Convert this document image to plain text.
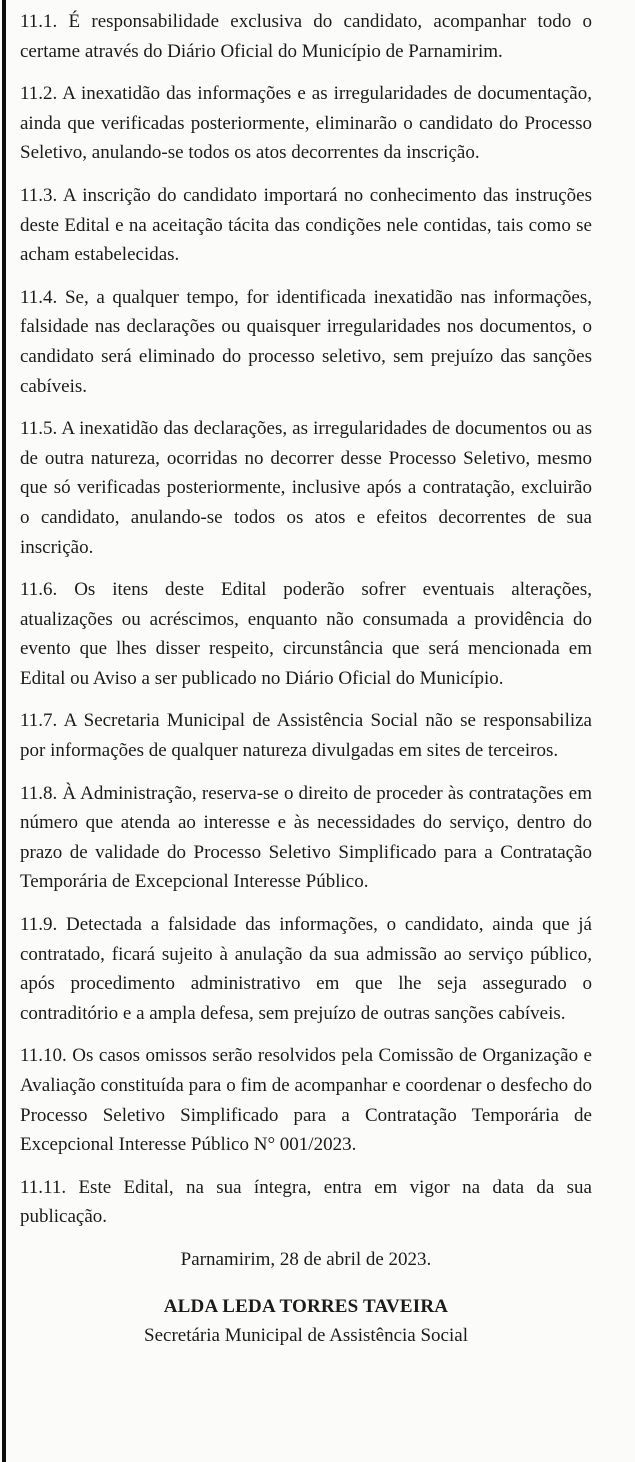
11.1. É responsabilidade exclusiva do candidato, acompanhar todo o certame através do Diário Oficial do Município de Parnamirim.

11.2. A inexatidão das informações e as irregularidades de documentação, ainda que verificadas posteriormente, eliminarão o candidato do Processo Seletivo, anulando-se todos os atos decorrentes da inscrição.

11.3. A inscrição do candidato importará no conhecimento das instruções deste Edital e na aceitação tácita das condições nele contidas, tais como se acham estabelecidas.

11.4. Se, a qualquer tempo, for identificada inexatidão nas informações, falsidade nas declarações ou quaisquer irregularidades nos documentos, o candidato será eliminado do processo seletivo, sem prejuízo das sanções cabíveis.

11.5. A inexatidão das declarações, as irregularidades de documentos ou as de outra natureza, ocorridas no decorrer desse Processo Seletivo, mesmo que só verificadas posteriormente, inclusive após a contratação, excluirão o candidato, anulando-se todos os atos e efeitos decorrentes de sua inscrição.

11.6. Os itens deste Edital poderão sofrer eventuais alterações, atualizações ou acréscimos, enquanto não consumada a providência do evento que lhes disser respeito, circunstância que será mencionada em Edital ou Aviso a ser publicado no Diário Oficial do Município.

11.7. A Secretaria Municipal de Assistência Social não se responsabiliza por informações de qualquer natureza divulgadas em sites de terceiros.

11.8. À Administração, reserva-se o direito de proceder às contratações em número que atenda ao interesse e às necessidades do serviço, dentro do prazo de validade do Processo Seletivo Simplificado para a Contratação Temporária de Excepcional Interesse Público.

11.9. Detectada a falsidade das informações, o candidato, ainda que já contratado, ficará sujeito à anulação da sua admissão ao serviço público, após procedimento administrativo em que lhe seja assegurado o contraditório e a ampla defesa, sem prejuízo de outras sanções cabíveis.

11.10. Os casos omissos serão resolvidos pela Comissão de Organização e Avaliação constituída para o fim de acompanhar e coordenar o desfecho do Processo Seletivo Simplificado para a Contratação Temporária de Excepcional Interesse Público N° 001/2023.

11.11. Este Edital, na sua íntegra, entra em vigor na data da sua publicação.

Parnamirim, 28 de abril de 2023.

ALDA LEDA TORRES TAVEIRA

Secretária Municipal de Assistência Social
